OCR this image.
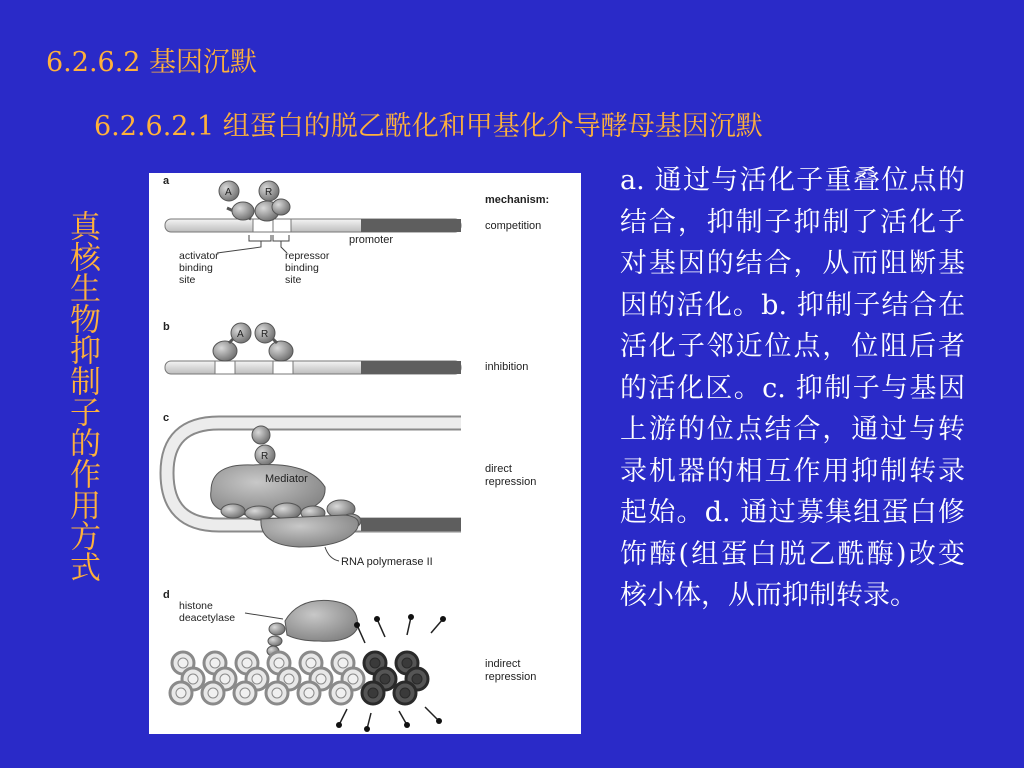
6.2.6.2 基因沉默
6.2.6.2.1 组蛋白的脱乙酰化和甲基化介导酵母基因沉默
真核生物抑制子的作用方式
mechanism:
a
A	R
promoter
activator binding site
repressor binding site
competition
b
A R
inhibition
c
R
Mediator
RNA polymerase II
direct repression
d
histone deacetylase
indirect repression
a. 通过与活化子重叠位点的结合，抑制子抑制了活化子对基因的结合，从而阻断基因的活化。b. 抑制子结合在活化子邻近位点，位阻后者的活化区。c. 抑制子与基因上游的位点结合，通过与转录机器的相互作用抑制转录起始。d. 通过募集组蛋白修饰酶(组蛋白脱乙酰酶)改变核小体，从而抑制转录。
